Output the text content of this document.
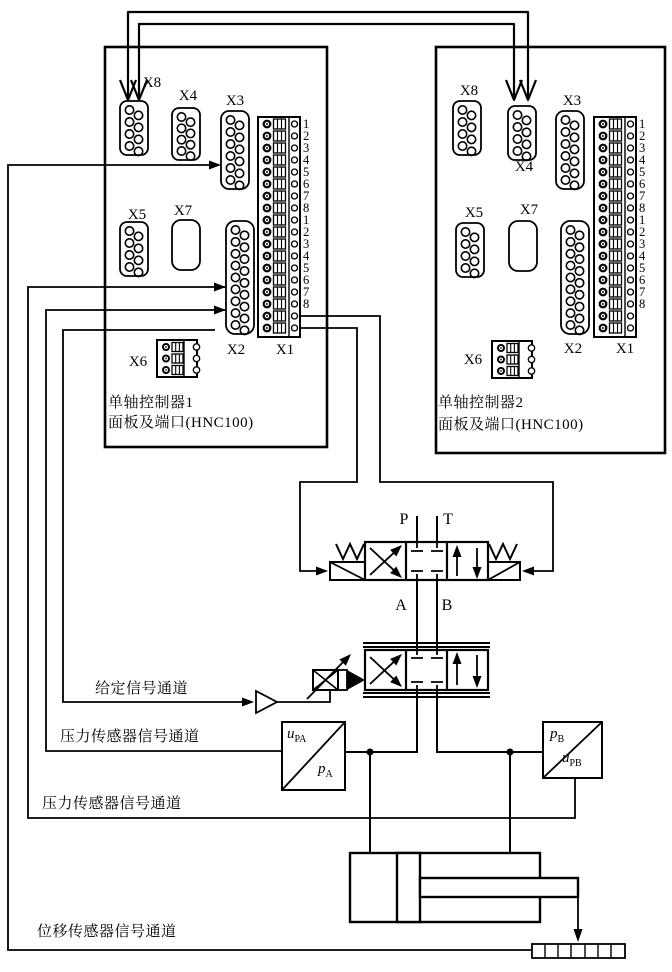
X8
X4 X3
X5 X7
X2 X1
X6
单轴控制器1
面板及端口(HNC100)
X8
X4
X3
X5 X7
X2 X1
X6
单轴控制器2
面板及端口(HNC100)
给定信号通道
压力传感器信号通道
压力传感器信号通道
位移传感器信号通道
P T
A B
$u_{PA}$
$p_A$
$p_B$
$u_{PB}$
1
2
3
4
5
6
7
8
1
2
3
4
5
6
7
8
1
2
3
4
5
6
7
8
1
2
3
4
5
6
7
8
